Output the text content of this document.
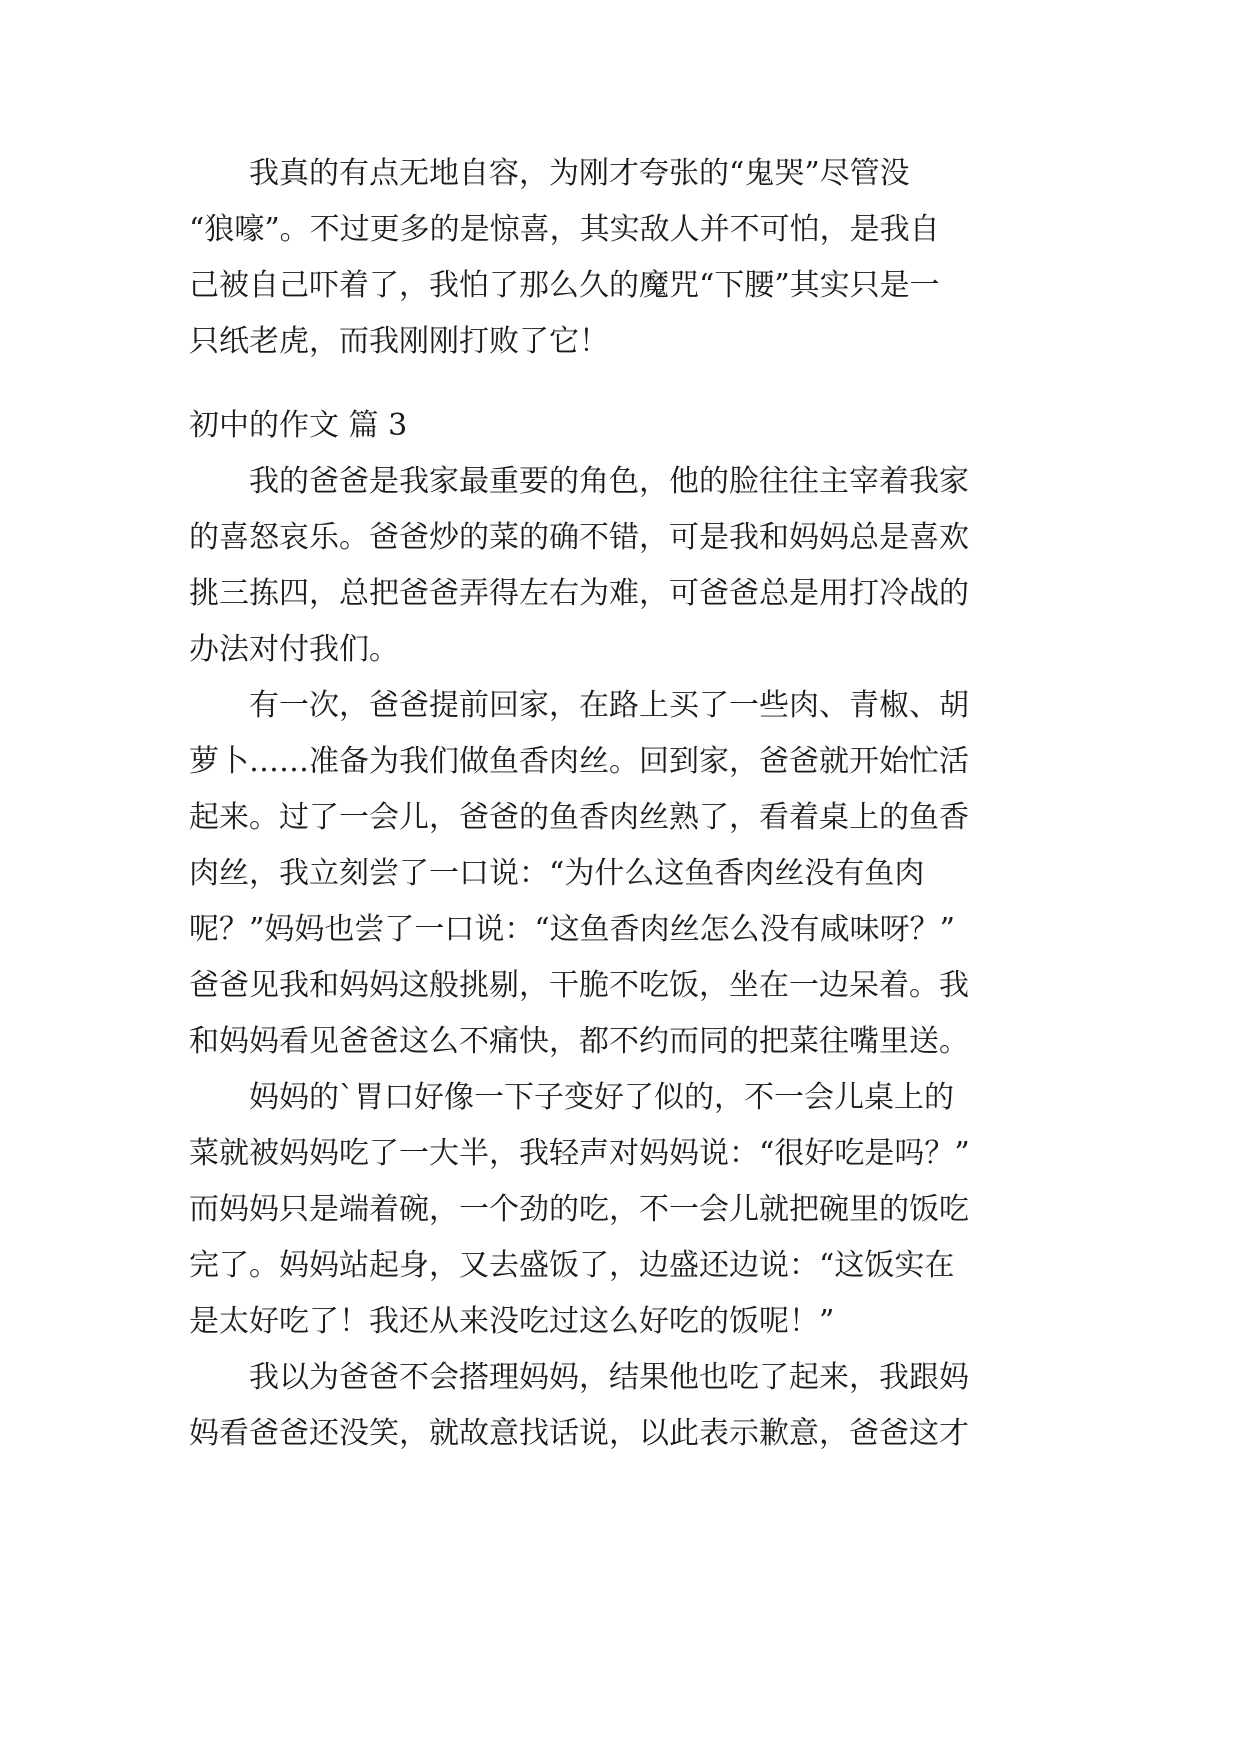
我真的有点无地自容，为刚才夸张的“鬼哭”尽管没
“狼嚎”。不过更多的是惊喜，其实敌人并不可怕，是我自
己被自己吓着了，我怕了那么久的魔咒“下腰”其实只是一
只纸老虎，而我刚刚打败了它！
初中的作文 篇 3
我的爸爸是我家最重要的角色，他的脸往往主宰着我家
的喜怒哀乐。爸爸炒的菜的确不错，可是我和妈妈总是喜欢
挑三拣四，总把爸爸弄得左右为难，可爸爸总是用打冷战的
办法对付我们。
有一次，爸爸提前回家，在路上买了一些肉、青椒、胡
萝卜……准备为我们做鱼香肉丝。回到家，爸爸就开始忙活
起来。过了一会儿，爸爸的鱼香肉丝熟了，看着桌上的鱼香
肉丝，我立刻尝了一口说：“为什么这鱼香肉丝没有鱼肉
呢？”妈妈也尝了一口说：“这鱼香肉丝怎么没有咸味呀？”
爸爸见我和妈妈这般挑剔，干脆不吃饭，坐在一边呆着。我
和妈妈看见爸爸这么不痛快，都不约而同的把菜往嘴里送。
妈妈的`胃口好像一下子变好了似的，不一会儿桌上的
菜就被妈妈吃了一大半，我轻声对妈妈说：“很好吃是吗？”
而妈妈只是端着碗，一个劲的吃，不一会儿就把碗里的饭吃
完了。妈妈站起身，又去盛饭了，边盛还边说：“这饭实在
是太好吃了！我还从来没吃过这么好吃的饭呢！”
我以为爸爸不会搭理妈妈，结果他也吃了起来，我跟妈
妈看爸爸还没笑，就故意找话说，以此表示歉意，爸爸这才
